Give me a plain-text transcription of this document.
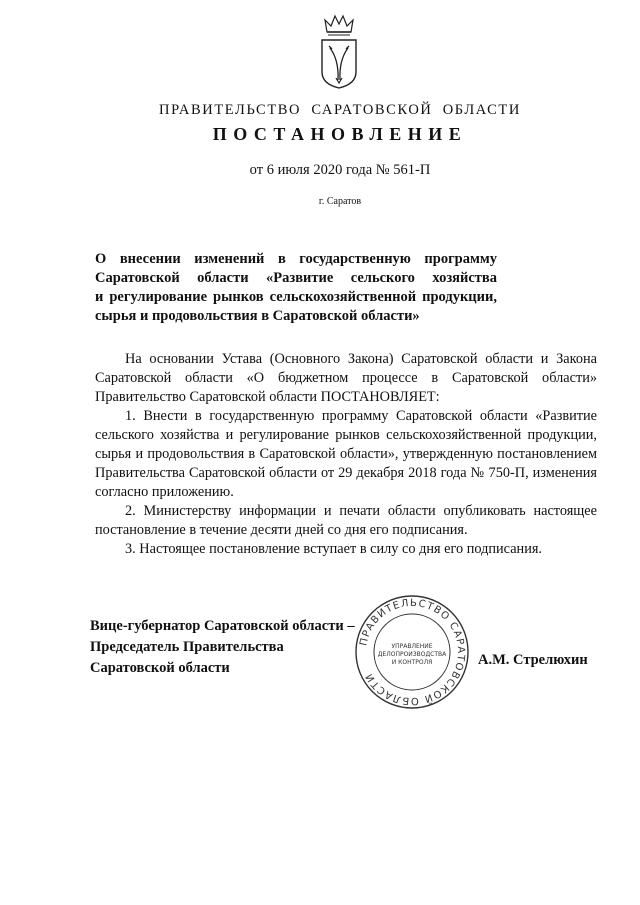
ПРАВИТЕЛЬСТВО САРАТОВСКОЙ ОБЛАСТИ
ПОСТАНОВЛЕНИЕ
от 6 июля 2020 года № 561-П
г. Саратов
О внесении изменений в государственную программу
Саратовской области «Развитие сельского хозяйства
и регулирование рынков сельскохозяйственной продукции,
сырья и продовольствия в Саратовской области»

На основании Устава (Основного Закона) Саратовской области и Закона Саратовской области «О бюджетном процессе в Саратовской области» Правительство Саратовской области ПОСТАНОВЛЯЕТ:

1. Внести в государственную программу Саратовской области «Развитие сельского хозяйства и регулирование рынков сельскохозяйственной продукции, сырья и продовольствия в Саратовской области», утвержденную постановлением Правительства Саратовской области от 29 декабря 2018 года № 750-П, изменения согласно приложению.

2. Министерству информации и печати области опубликовать настоящее постановление в течение десяти дней со дня его подписания.

3. Настоящее постановление вступает в силу со дня его подписания.

Вице-губернатор Саратовской области –
Председатель Правительства
Саратовской области
ПРАВИТЕЛЬСТВО САРАТОВСКОЙ ОБЛАСТИ
УПРАВЛЕНИЕ
ДЕЛОПРОИЗВОДСТВА
И КОНТРОЛЯ	А.М. Стрелюхин
